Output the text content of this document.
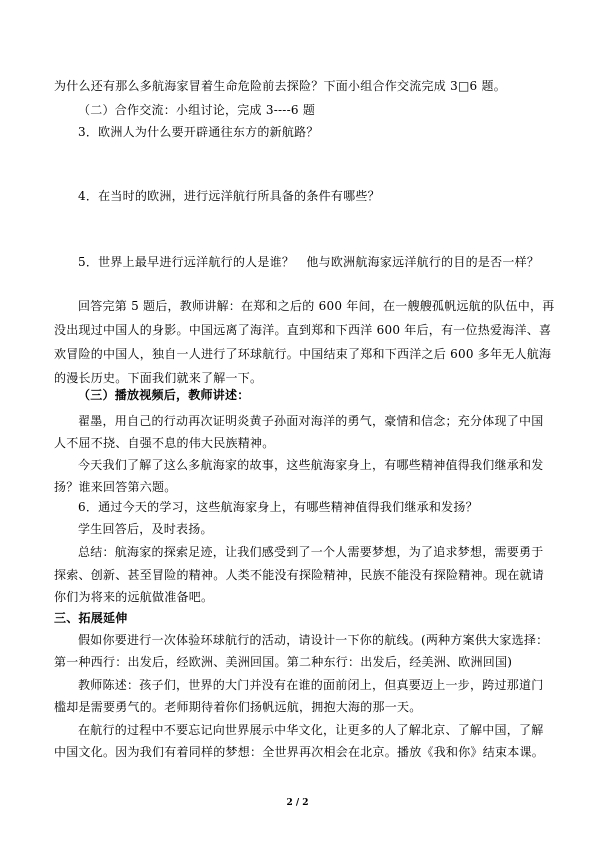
为什么还有那么多航海家冒着生命危险前去探险？下面小组合作交流完成 3□6 题。

（二）合作交流：小组讨论，完成 3----6 题

3．欧洲人为什么要开辟通往东方的新航路？

4．在当时的欧洲，进行远洋航行所具备的条件有哪些？

5．世界上最早进行远洋航行的人是谁？　他与欧洲航海家远洋航行的目的是否一样？

回答完第 5 题后，教师讲解：在郑和之后的 600 年间，在一艘艘孤帆远航的队伍中，再

没出现过中国人的身影。中国远离了海洋。直到郑和下西洋 600 年后，有一位热爱海洋、喜

欢冒险的中国人，独自一人进行了环球航行。中国结束了郑和下西洋之后 600 多年无人航海

的漫长历史。下面我们就来了解一下。

（三）播放视频后，教师讲述：

翟墨，用自己的行动再次证明炎黄子孙面对海洋的勇气，豪情和信念；充分体现了中国

人不屈不挠、自强不息的伟大民族精神。

今天我们了解了这么多航海家的故事，这些航海家身上，有哪些精神值得我们继承和发

扬？谁来回答第六题。

6．通过今天的学习，这些航海家身上，有哪些精神值得我们继承和发扬？

学生回答后，及时表扬。

总结：航海家的探索足迹，让我们感受到了一个人需要梦想，为了追求梦想，需要勇于

探索、创新、甚至冒险的精神。人类不能没有探险精神，民族不能没有探险精神。现在就请

你们为将来的远航做准备吧。

三、拓展延伸

假如你要进行一次体验环球航行的活动，请设计一下你的航线。(两种方案供大家选择：

第一种西行：出发后，经欧洲、美洲回国。第二种东行：出发后，经美洲、欧洲回国)

教师陈述：孩子们，世界的大门并没有在谁的面前闭上，但真要迈上一步，跨过那道门

槛却是需要勇气的。老师期待着你们扬帆远航，拥抱大海的那一天。

在航行的过程中不要忘记向世界展示中华文化，让更多的人了解北京、了解中国，了解

中国文化。因为我们有着同样的梦想：全世界再次相会在北京。播放《我和你》结束本课。

2 / 2
